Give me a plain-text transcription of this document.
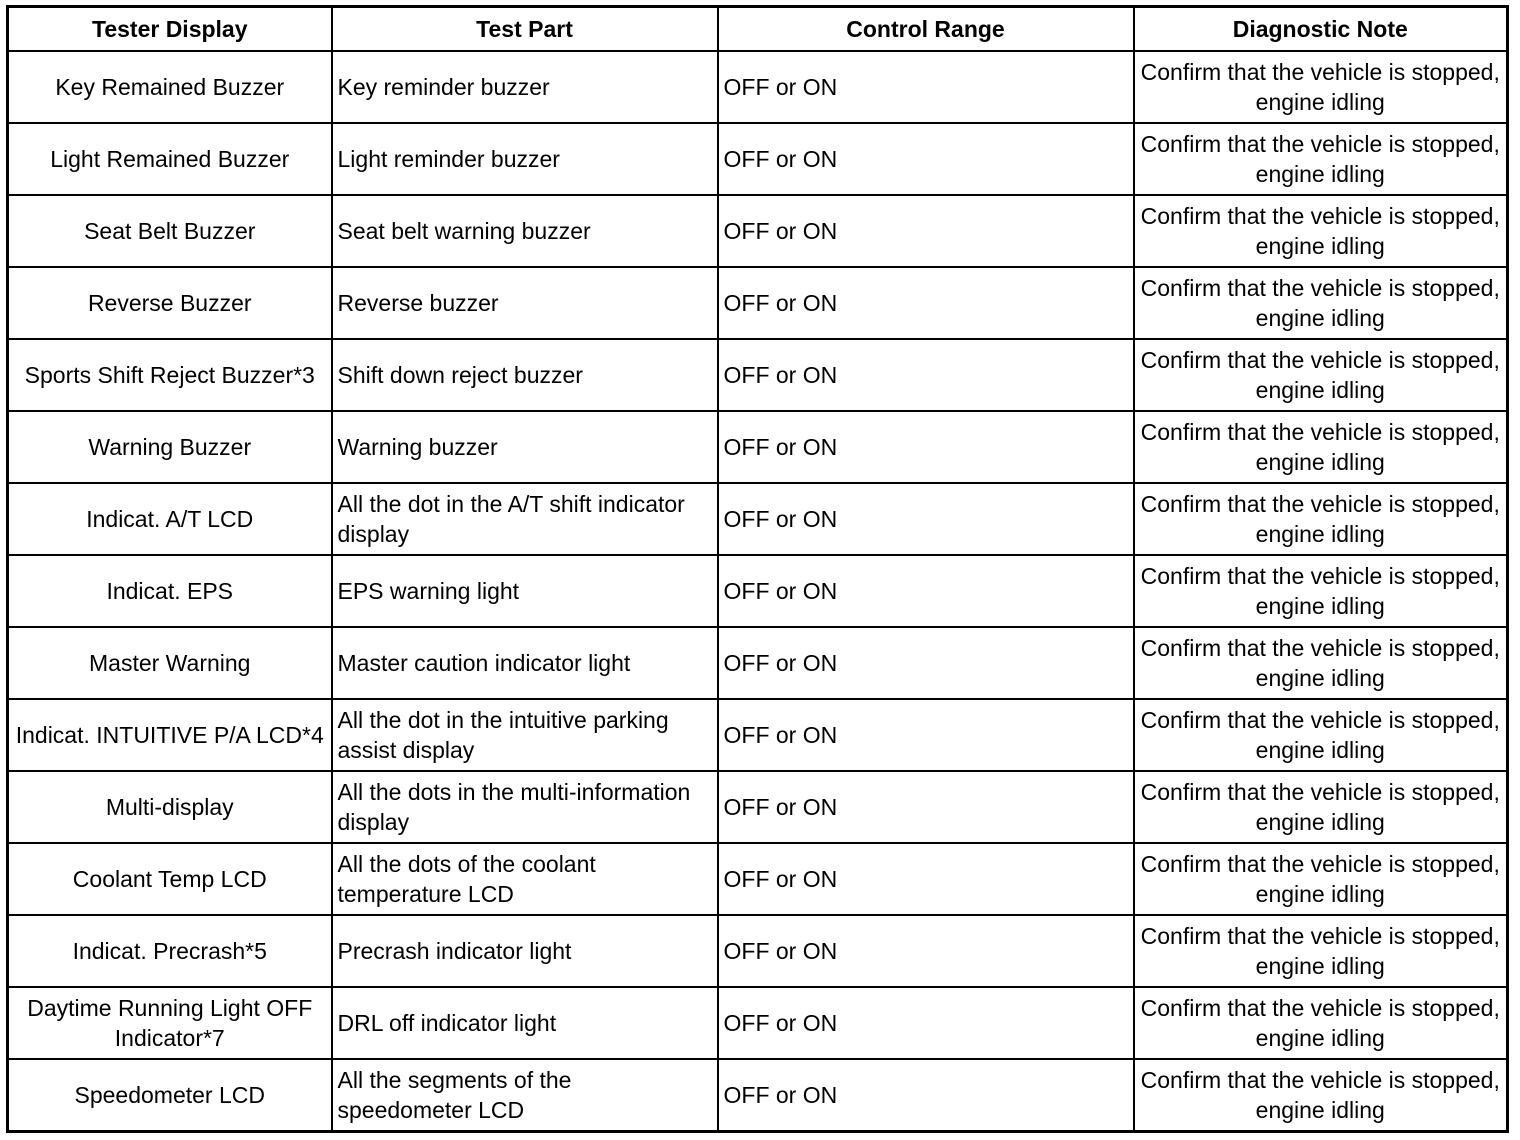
Tester Display	Test Part	Control Range	Diagnostic Note
Key Remained Buzzer	Key reminder buzzer	OFF or ON	Confirm that the vehicle is stopped, engine idling
Light Remained Buzzer	Light reminder buzzer	OFF or ON	Confirm that the vehicle is stopped, engine idling
Seat Belt Buzzer	Seat belt warning buzzer	OFF or ON	Confirm that the vehicle is stopped, engine idling
Reverse Buzzer	Reverse buzzer	OFF or ON	Confirm that the vehicle is stopped, engine idling
Sports Shift Reject Buzzer*3	Shift down reject buzzer	OFF or ON	Confirm that the vehicle is stopped, engine idling
Warning Buzzer	Warning buzzer	OFF or ON	Confirm that the vehicle is stopped, engine idling
Indicat. A/T LCD	All the dot in the A/T shift indicator display	OFF or ON	Confirm that the vehicle is stopped, engine idling
Indicat. EPS	EPS warning light	OFF or ON	Confirm that the vehicle is stopped, engine idling
Master Warning	Master caution indicator light	OFF or ON	Confirm that the vehicle is stopped, engine idling
Indicat. INTUITIVE P/A LCD*4	All the dot in the intuitive parking assist display	OFF or ON	Confirm that the vehicle is stopped, engine idling
Multi-display	All the dots in the multi-information display	OFF or ON	Confirm that the vehicle is stopped, engine idling
Coolant Temp LCD	All the dots of the coolant temperature LCD	OFF or ON	Confirm that the vehicle is stopped, engine idling
Indicat. Precrash*5	Precrash indicator light	OFF or ON	Confirm that the vehicle is stopped, engine idling
Daytime Running Light OFF Indicator*7	DRL off indicator light	OFF or ON	Confirm that the vehicle is stopped, engine idling
Speedometer LCD	All the segments of the speedometer LCD	OFF or ON	Confirm that the vehicle is stopped, engine idling
